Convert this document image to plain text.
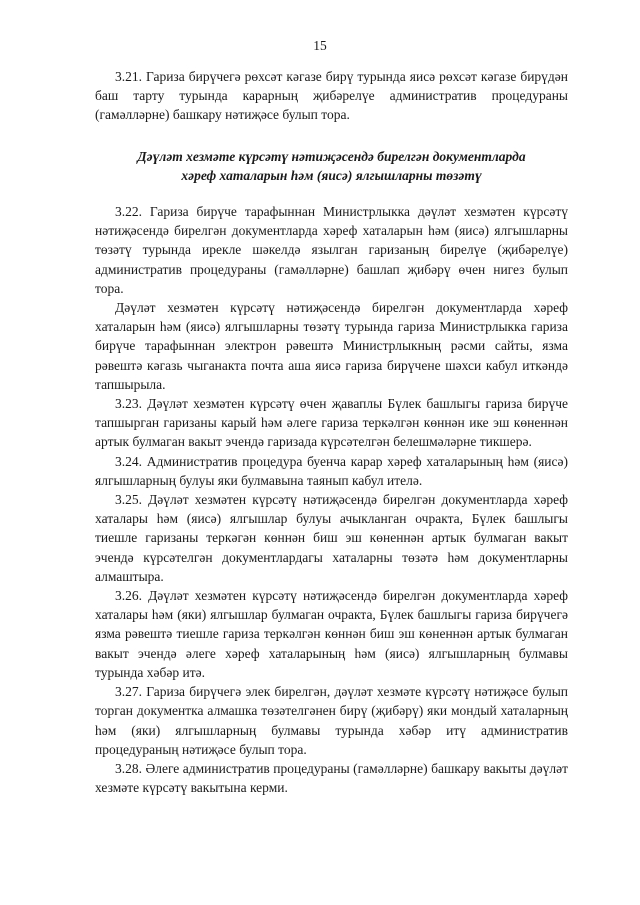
15

3.21. Гариза бирүчегә рөхсәт кәгазе бирү турында яисә рөхсәт кәгазе бирүдән баш тарту турында карарның җибәрелүе административ процедураны (гамәлләрне) башкару нәтиҗәсе булып тора.

Дәүләт хезмәте күрсәтү нәтиҗәсендә бирелгән документларда
хәреф хаталарын һәм (яисә) ялгышларны төзәтү

3.22. Гариза бирүче тарафыннан Министрлыкка дәүләт хезмәтен күрсәтү нәтиҗәсендә бирелгән документларда хәреф хаталарын һәм (яисә) ялгышларны төзәтү турында ирекле шәкелдә язылган гаризаның бирелүе (җибәрелүе) административ процедураны (гамәлләрне) башлап җибәрү өчен нигез булып тора.

Дәүләт хезмәтен күрсәтү нәтиҗәсендә бирелгән документларда хәреф хаталарын һәм (яисә) ялгышларны төзәтү турында гариза Министрлыкка гариза бирүче тарафыннан электрон рәвештә Министрлыкның рәсми сайты, язма рәвештә кәгазь чыганакта почта аша яисә гариза бирүчене шәхси кабул иткәндә тапшырыла.

3.23. Дәүләт хезмәтен күрсәтү өчен җаваплы Бүлек башлыгы гариза бирүче тапшырган гаризаны карый һәм әлеге гариза теркәлгән көннән ике эш көненнән артык булмаган вакыт эчендә гаризада күрсәтелгән белешмәләрне тикшерә.

3.24. Административ процедура буенча карар хәреф хаталарының һәм (яисә) ялгышларның булуы яки булмавына таянып кабул ителә.

3.25. Дәүләт хезмәтен күрсәтү нәтиҗәсендә бирелгән документларда хәреф хаталары һәм (яисә) ялгышлар булуы ачыкланган очракта, Бүлек башлыгы тиешле гаризаны теркәгән көннән биш эш көненнән артык булмаган вакыт эчендә күрсәтелгән документлардагы хаталарны төзәтә һәм документларны алмаштыра.

3.26. Дәүләт хезмәтен күрсәтү нәтиҗәсендә бирелгән документларда хәреф хаталары һәм (яки) ялгышлар булмаган очракта, Бүлек башлыгы гариза бирүчегә язма рәвештә тиешле гариза теркәлгән көннән биш эш көненнән артык булмаган вакыт эчендә әлеге хәреф хаталарының һәм (яисә) ялгышларның булмавы турында хәбәр итә.

3.27. Гариза бирүчегә элек бирелгән, дәүләт хезмәте күрсәтү нәтиҗәсе булып торган документка алмашка төзәтелгәнен бирү (җибәрү) яки мондый хаталарның һәм (яки) ялгышларның булмавы турында хәбәр итү административ процедураның нәтиҗәсе булып тора.

3.28. Әлеге административ процедураны (гамәлләрне) башкару вакыты дәүләт хезмәте күрсәтү вакытына керми.
